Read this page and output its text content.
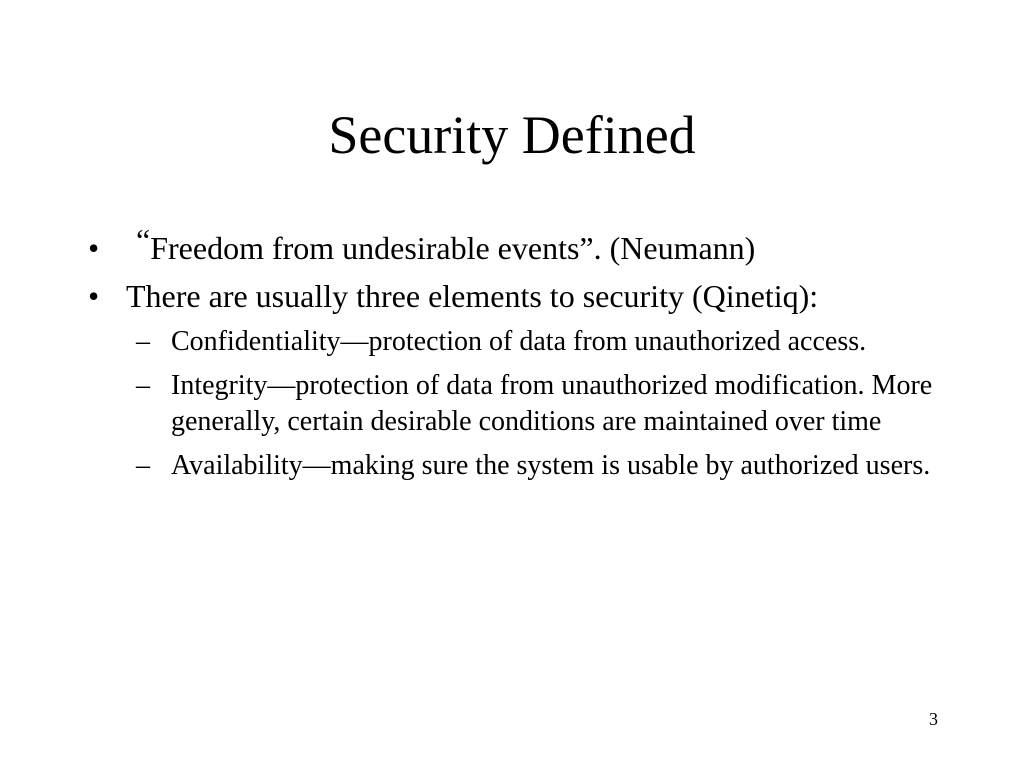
Security Defined
•	“Freedom from undesirable events”. (Neumann)
• There are usually three elements to security (Qinetiq):
– Confidentiality—protection of data from unauthorized access.
– Integrity—protection of data from unauthorized modification. More generally, certain desirable conditions are maintained over time
– Availability—making sure the system is usable by authorized users.
3
